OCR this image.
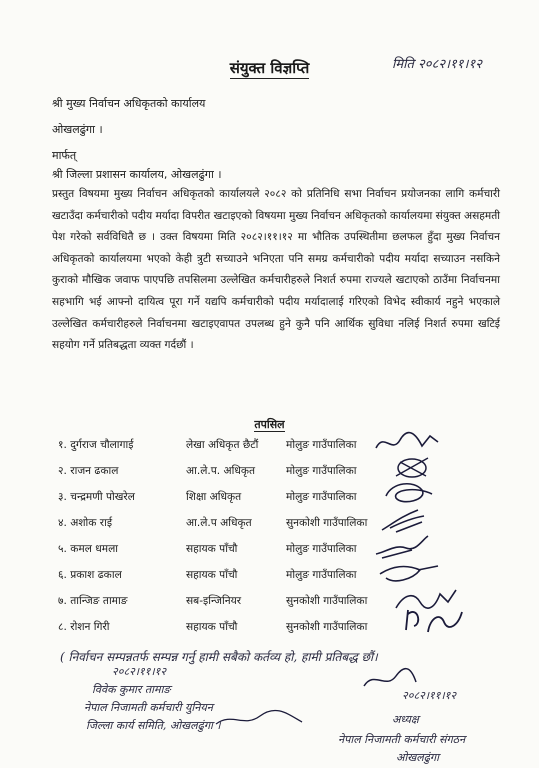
संयुक्त विज्ञप्ति	मिति २०८२।११।१२
श्री मुख्य निर्वाचन अधिकृतको कार्यालय
ओखलढुंगा ।
मार्फत्
श्री जिल्ला प्रशासन कार्यालय, ओखलढुंगा ।
प्रस्तुत विषयमा मुख्य निर्वाचन अधिकृतको कार्यालयले २०८२ को प्रतिनिधि सभा निर्वाचन प्रयोजनका लागि कर्मचारी खटाउँदा कर्मचारीको पदीय मर्यादा विपरीत खटाइएको विषयमा मुख्य निर्वाचन अधिकृतको कार्यालयमा संयुक्त असहमती पेश गरेको सर्वविधितै छ । उक्त विषयमा मिति २०८२।११।१२ मा भौतिक उपस्थितीमा छलफल हुँदा मुख्य निर्वाचन अधिकृतको कार्यालयमा भएको केही त्रुटी सच्याउने भनिएता पनि समग्र कर्मचारीको पदीय मर्यादा सच्याउन नसकिने कुराको मौखिक जवाफ पाएपछि तपसिलमा उल्लेखित कर्मचारीहरुले निशर्त रुपमा राज्यले खटाएको ठाउँमा निर्वाचनमा सहभागि भई आफ्नो दायित्व पूरा गर्ने यद्यपि कर्मचारीको पदीय मर्यादालाई गरिएको विभेद स्वीकार्य नहुने भएकाले उल्लेखित कर्मचारीहरुले निर्वाचनमा खटाइएवापत उपलब्ध हुने कुनै पनि आर्थिक सुविधा नलिई निशर्त रुपमा खटिई सहयोग गर्ने प्रतिबद्धता व्यक्त गर्दछौं ।
तपसिल
१. दुर्गराज चौलागाई	लेखा अधिकृत छैटौं	मोलुङ गाउँपालिका
२. राजन ढकाल	आ.ले.प. अधिकृत	मोलुङ गाउँपालिका
३. चन्द्रमणी पोखरेल	शिक्षा अधिकृत	मोलुङ गाउँपालिका
४. अशोक राई	आ.ले.प अधिकृत	सुनकोशी गाउँपालिका
५. कमल धमला	सहायक पाँचौ	मोलुङ गाउँपालिका
६. प्रकाश ढकाल	सहायक पाँचौ	मोलुङ गाउँपालिका
७. तान्जिङ तामाङ	सब-इन्जिनियर	सुनकोशी गाउँपालिका
८. रोशन गिरी	सहायक पाँचौ	सुनकोशी गाउँपालिका
( निर्वाचन सम्पन्नतर्फ सम्पन्न गर्नु हामी सबैको कर्तव्य हो, हामी प्रतिबद्ध छौं।
२०८२।११।१२
विवेक कुमार तामाङ
नेपाल निजामती कर्मचारी युनियन
जिल्ला कार्य समिति, ओखलढुंगा ।
२०८२।११।१२
अध्यक्ष
नेपाल निजामती कर्मचारी संगठन
ओखलढुंगा
